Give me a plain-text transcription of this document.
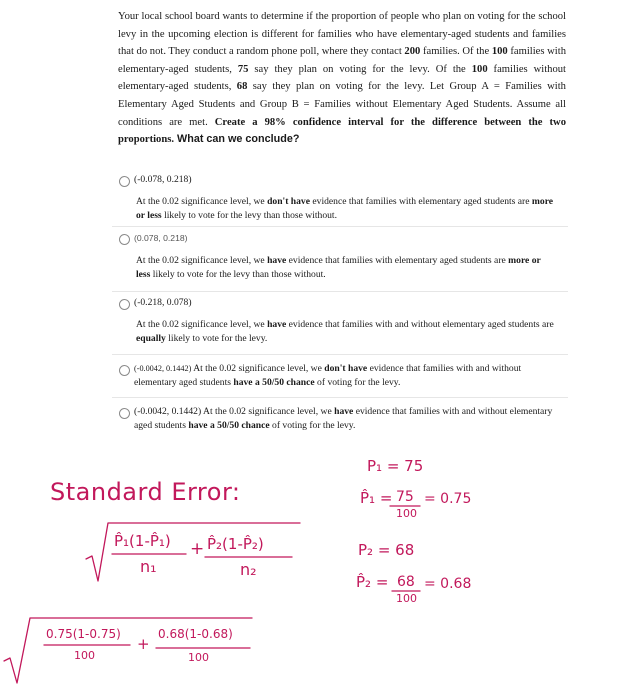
Your local school board wants to determine if the proportion of people who plan on voting for the school levy in the upcoming election is different for families who have elementary-aged students and families that do not. They conduct a random phone poll, where they contact 200 families. Of the 100 families with elementary-aged students, 75 say they plan on voting for the levy. Of the 100 families without elementary-aged students, 68 say they plan on voting for the levy. Let Group A = Families with Elementary Aged Students and Group B = Families without Elementary Aged Students. Assume all conditions are met. Create a 98% confidence interval for the difference between the two proportions. What can we conclude?
(-0.078, 0.218)
At the 0.02 significance level, we don't have evidence that families with elementary aged students are more or less likely to vote for the levy than those without.
(0.078, 0.218)
At the 0.02 significance level, we have evidence that families with elementary aged students are more or less likely to vote for the levy than those without.
(-0.218, 0.078)
At the 0.02 significance level, we have evidence that families with and without elementary aged students are equally likely to vote for the levy.
(-0.0042, 0.1442) At the 0.02 significance level, we don't have evidence that families with and without elementary aged students have a 50/50 chance of voting for the levy.
(-0.0042, 0.1442) At the 0.02 significance level, we have evidence that families with and without elementary aged students have a 50/50 chance of voting for the levy.
Standard Error:
P₁ = 75
P̂₁ = 75
100
= 0.75
P₂ = 68
P̂₂ = 68
100
= 0.68
P̂₁(1-P̂₁)
n₁
+ P̂₂(1-P̂₂)
n₂
0.75(1-0.75)
100
+
0.68(1-0.68)
100
